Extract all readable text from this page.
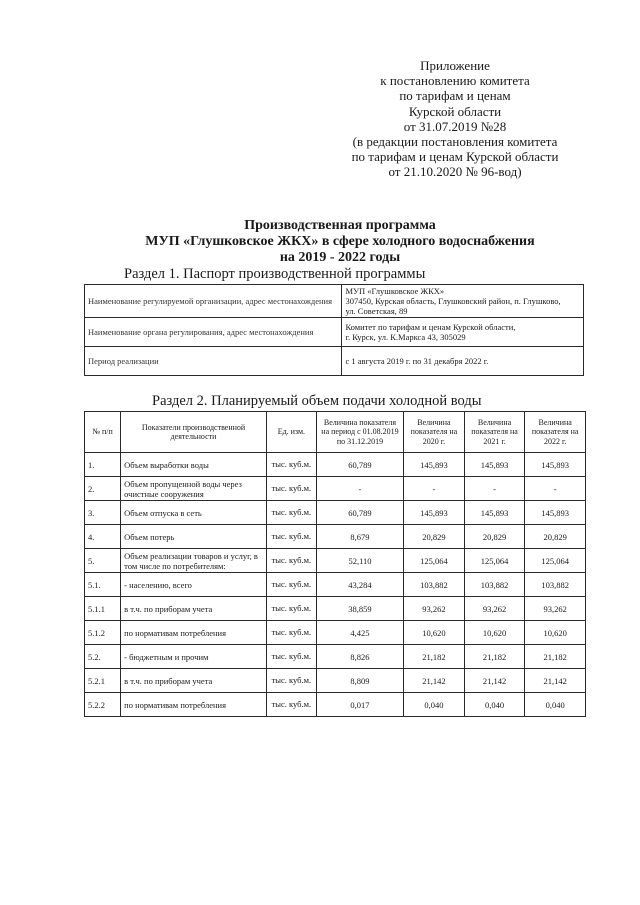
Приложение
к постановлению комитета
по тарифам и ценам
Курской области
от 31.07.2019 №28
(в редакции постановления комитета
по тарифам и ценам Курской области
от 21.10.2020 № 96-вод)
Производственная программа
МУП «Глушковское ЖКХ» в сфере холодного водоснабжения
на 2019 - 2022 годы
Раздел 1. Паспорт производственной программы
Наименование регулируемой организации, адрес местонахождения	МУП «Глушковское ЖКХ»
307450, Курская область, Глушковский район, п. Глушково,
ул. Советская, 89

Наименование органа регулирования, адрес местонахождения	Комитет по тарифам и ценам Курской области,
г. Курск, ул. К.Маркса 43, 305029

Период реализации	с 1 августа 2019 г. по 31 декабря 2022 г.
Раздел 2. Планируемый объем подачи холодной воды
№ п/п	Показатели производственной деятельности	Ед. изм.	Величина показателя на период с 01.08.2019 по 31.12.2019	Величина показателя на 2020 г.	Величина показателя на 2021 г.	Величина показателя на 2022 г.
1.	Объем выработки воды	тыс. куб.м.	60,789	145,893	145,893	145,893
2.	Объем пропущенной воды через очистные сооружения	тыс. куб.м.	-	-	-	-
3.	Объем отпуска в сеть	тыс. куб.м.	60,789	145,893	145,893	145,893
4.	Объем потерь	тыс. куб.м.	8,679	20,829	20,829	20,829
5.	Объем реализации товаров и услуг, в том числе по потребителям:	тыс. куб.м.	52,110	125,064	125,064	125,064
5.1.	- населению, всего	тыс. куб.м.	43,284	103,882	103,882	103,882
5.1.1	в т.ч. по приборам учета	тыс. куб.м.	38,859	93,262	93,262	93,262
5.1.2	по нормативам потребления	тыс. куб.м.	4,425	10,620	10,620	10,620
5.2.	- бюджетным и прочим	тыс. куб.м.	8,826	21,182	21,182	21,182
5.2.1	в т.ч. по приборам учета	тыс. куб.м.	8,809	21,142	21,142	21,142
5.2.2	по нормативам потребления	тыс. куб.м.	0,017	0,040	0,040	0,040
